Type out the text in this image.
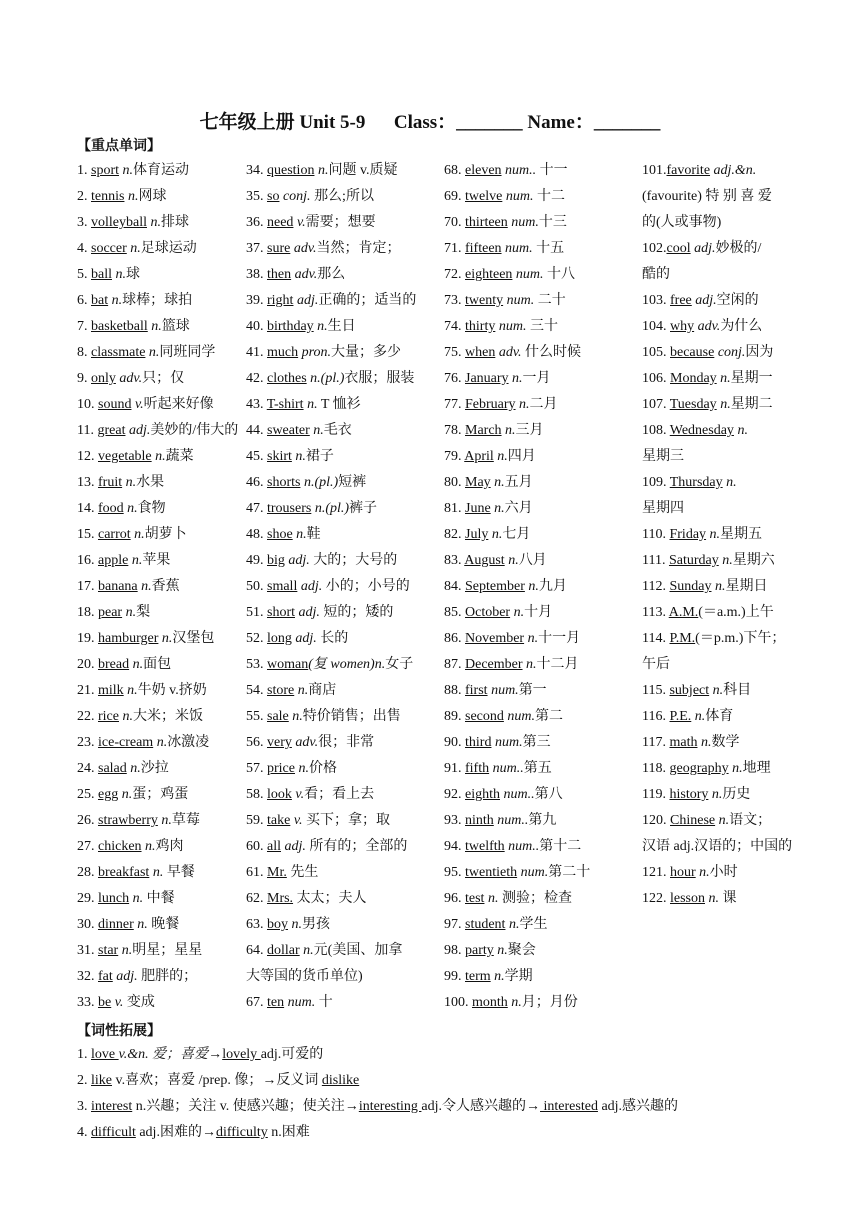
七年级上册 Unit 5-9      Class：_______ Name：_______
【重点单词】
1. sport n.体育运动
2. tennis n.网球
3. volleyball n.排球
4. soccer n.足球运动
5. ball n.球
6. bat n.球棒；球拍
7. basketball n.篮球
8. classmate n.同班同学
9. only adv.只；仅
10. sound v.听起来好像
11. great adj.美妙的/伟大的
12. vegetable n.蔬菜
13. fruit n.水果
14. food n.食物
15. carrot n.胡萝卜
16. apple n.苹果
17. banana n.香蕉
18. pear n.梨
19. hamburger n.汉堡包
20. bread n.面包
21. milk n.牛奶 v.挤奶
22. rice n.大米；米饭
23. ice-cream n.冰激凌
24. salad n.沙拉
25. egg n.蛋；鸡蛋
26. strawberry n.草莓
27. chicken n.鸡肉
28. breakfast n. 早餐
29. lunch n. 中餐
30. dinner n. 晚餐
31. star n.明星；星星
32. fat adj. 肥胖的；
33. be v. 变成
34. question n.问题 v.质疑
35. so conj. 那么;所以
36. need v.需要；想要
37. sure adv.当然；肯定；
38. then adv.那么
39. right adj.正确的；适当的
40. birthday n.生日
41. much pron.大量；多少
42. clothes n.(pl.)衣服；服装
43. T-shirt n. T 恤衫
44. sweater n.毛衣
45. skirt n.裙子
46. shorts n.(pl.)短裤
47. trousers n.(pl.)裤子
48. shoe n.鞋
49. big adj. 大的；大号的
50. small adj. 小的；小号的
51. short adj. 短的；矮的
52. long adj. 长的
53. woman(复 women)n.女子
54. store n.商店
55. sale n.特价销售；出售
56. very adv.很；非常
57. price n.价格
58. look v.看；看上去
59. take v. 买下；拿；取
60. all adj. 所有的；全部的
61. Mr. 先生
62. Mrs. 太太；夫人
63. boy n.男孩
64. dollar n.元(美国、加拿
大等国的货币单位)
67. ten num. 十
68. eleven num.. 十一
69. twelve num. 十二
70. thirteen num.十三
71. fifteen num. 十五
72. eighteen num. 十八
73. twenty num. 二十
74. thirty num. 三十
75. when adv. 什么时候
76. January n.一月
77. February n.二月
78. March n.三月
79. April n.四月
80. May n.五月
81. June n.六月
82. July n.七月
83. August n.八月
84. September n.九月
85. October n.十月
86. November n.十一月
87. December n.十二月
88. first num.第一
89. second num.第二
90. third num.第三
91. fifth num..第五
92. eighth num..第八
93. ninth num..第九
94. twelfth num..第十二
95. twentieth num.第二十
96. test n. 测验；检查
97. student n.学生
98. party n.聚会
99. term n.学期
100. month n.月；月份
101.favorite adj.&n.
(favourite) 特 别 喜 爱
的(人或事物)
102.cool adj.妙极的/
酷的
103. free adj.空闲的
104. why adv.为什么
105. because conj.因为
106. Monday n.星期一
107. Tuesday n.星期二
108. Wednesday n.
星期三
109. Thursday n.
星期四
110. Friday n.星期五
111. Saturday n.星期六
112. Sunday n.星期日
113. A.M.(＝a.m.)上午
114. P.M.(＝p.m.)下午；
午后
115. subject n.科目
116. P.E. n.体育
117. math n.数学
118. geography n.地理
119. history n.历史
120. Chinese n.语文；
汉语 adj.汉语的；中国的
121. hour n.小时
122. lesson n. 课
【词性拓展】
1. love v.&n. 爱；喜爱→lovely adj.可爱的
2. like v.喜欢；喜爱 /prep. 像；→反义词 dislike
3. interest n.兴趣；关注 v. 使感兴趣；使关注→interesting adj.令人感兴趣的→ interested adj.感兴趣的
4. difficult adj.困难的→difficulty n.困难
